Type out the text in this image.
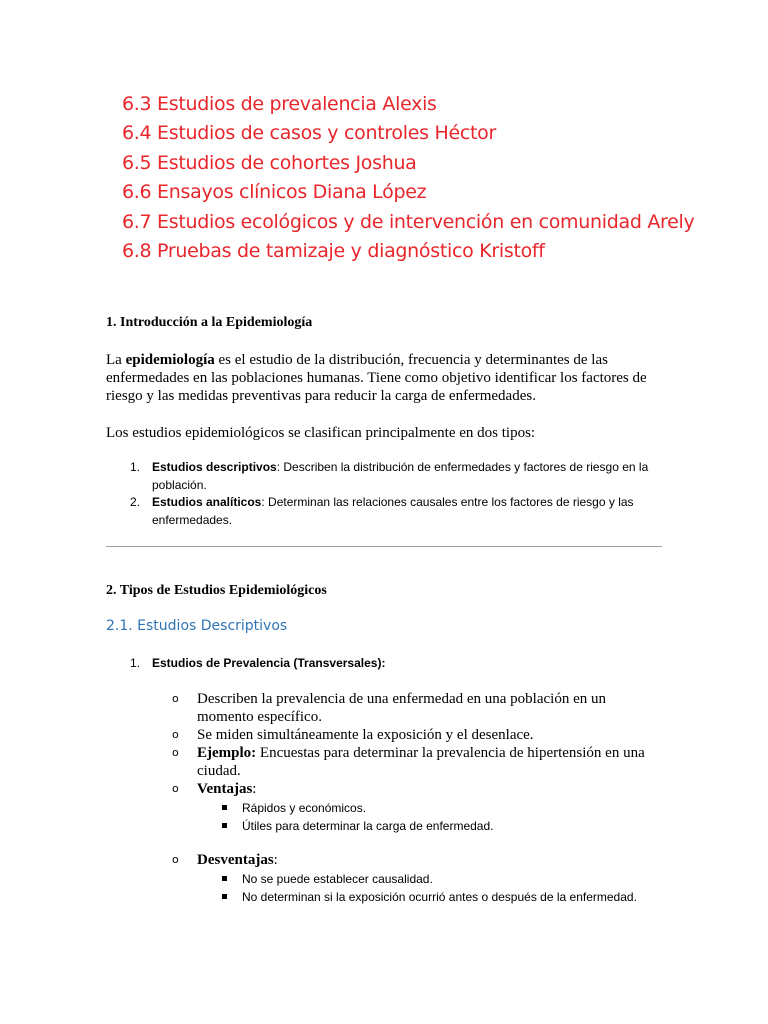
6.3 Estudios de prevalencia Alexis
6.4 Estudios de casos y controles Héctor
6.5 Estudios de cohortes Joshua
6.6 Ensayos clínicos Diana López
6.7 Estudios ecológicos y de intervención en comunidad Arely
6.8 Pruebas de tamizaje y diagnóstico Kristoff
1. Introducción a la Epidemiología

La epidemiología es el estudio de la distribución, frecuencia y determinantes de las enfermedades en las poblaciones humanas. Tiene como objetivo identificar los factores de riesgo y las medidas preventivas para reducir la carga de enfermedades.

Los estudios epidemiológicos se clasifican principalmente en dos tipos:

1. Estudios descriptivos: Describen la distribución de enfermedades y factores de riesgo en la población.
2. Estudios analíticos: Determinan las relaciones causales entre los factores de riesgo y las enfermedades.
2. Tipos de Estudios Epidemiológicos
2.1. Estudios Descriptivos
1. Estudios de Prevalencia (Transversales):
o Describen la prevalencia de una enfermedad en una población en un momento específico.
o Se miden simultáneamente la exposición y el desenlace.
o Ejemplo: Encuestas para determinar la prevalencia de hipertensión en una ciudad.
o Ventajas:
Rápidos y económicos.
Útiles para determinar la carga de enfermedad.
o Desventajas:
No se puede establecer causalidad.
No determinan si la exposición ocurrió antes o después de la enfermedad.
